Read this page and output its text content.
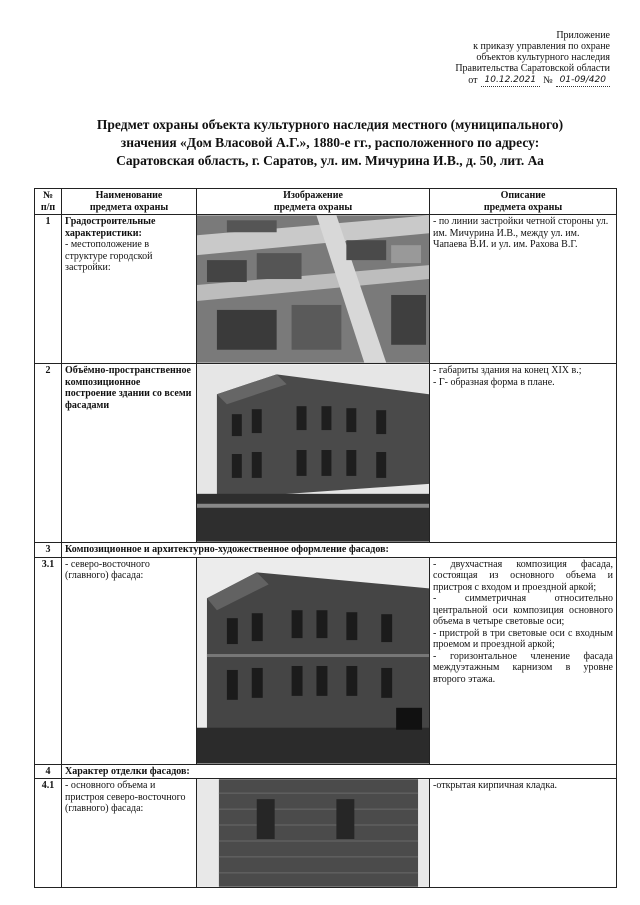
Приложение
к приказу управления по охране
объектов культурного наследия
Правительства Саратовской области
от 10.12.2021 № 01-09/420
Предмет охраны объекта культурного наследия местного (муниципального)
значения «Дом Власовой А.Г.», 1880-е гг., расположенного по адресу:
Саратовская область, г. Саратов, ул. им. Мичурина И.В., д. 50, лит. Аа
№
п/п	Наименование
предмета охраны	Изображение
предмета охраны	Описание
предмета охраны

1	Градостроительные характеристики:
- местоположение в структуре городской застройки:		- по линии застройки четной стороны ул. им. Мичурина И.В., между ул. им. Чапаева В.И. и ул. им. Рахова В.Г.

2	Объёмно-пространственное композиционное построение здании со всеми фасадами		- габариты здания на конец XIX в.;
- Г- образная форма в плане.

3	Композиционное и архитектурно-художественное оформление фасадов:		
3.1	- северо-восточного (главного) фасада:		- двухчастная композиция фасада, состоящая из основного объема и пристроя с входом и проездной аркой;
- симметричная относительно центральной оси композиция основного объема в четыре световые оси;
- пристрой в три световые оси с входным проемом и проездной аркой;
- горизонтальное членение фасада междуэтажным карнизом в уровне второго этажа.

4	Характер отделки фасадов:		
4.1	- основного объема и пристроя северо-восточного (главного) фасада:		-открытая кирпичная кладка.
